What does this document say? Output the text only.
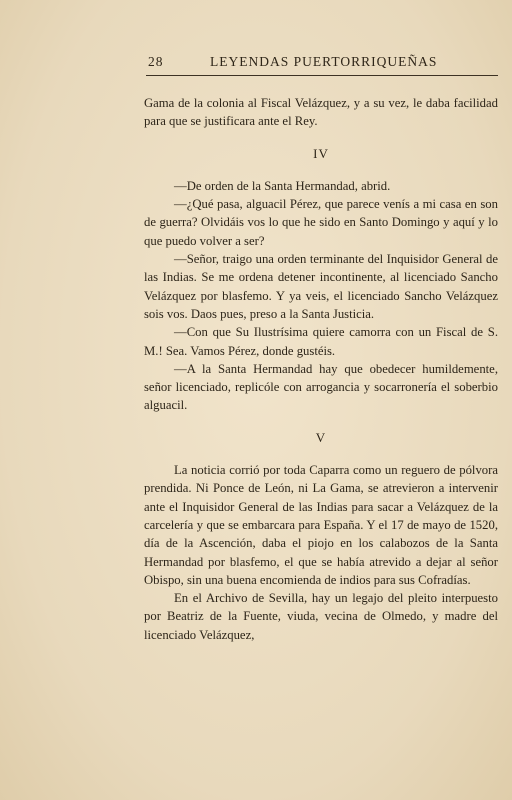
28	LEYENDAS PUERTORRIQUEÑAS

Gama de la colonia al Fiscal Velázquez, y a su vez, le daba facilidad para que se justificara ante el Rey.

IV

—De orden de la Santa Hermandad, abrid.

—¿Qué pasa, alguacil Pérez, que parece venís a mi casa en son de guerra? Olvidáis vos lo que he sido en Santo Domingo y aquí y lo que puedo volver a ser?

—Señor, traigo una orden terminante del Inquisidor General de las Indias. Se me ordena detener incontinente, al licenciado Sancho Velázquez por blasfemo. Y ya veis, el licenciado Sancho Velázquez sois vos. Daos pues, preso a la Santa Justicia.

—Con que Su Ilustrísima quiere camorra con un Fiscal de S. M.! Sea. Vamos Pérez, donde gustéis.

—A la Santa Hermandad hay que obedecer humildemente, señor licenciado, replicóle con arrogancia y socarronería el soberbio alguacil.

V

La noticia corrió por toda Caparra como un reguero de pólvora prendida. Ni Ponce de León, ni La Gama, se atrevieron a intervenir ante el Inquisidor General de las Indias para sacar a Velázquez de la carcelería y que se embarcara para España. Y el 17 de mayo de 1520, día de la Ascención, daba el piojo en los calabozos de la Santa Hermandad por blasfemo, el que se había atrevido a dejar al señor Obispo, sin una buena encomienda de indios para sus Cofradías.

En el Archivo de Sevilla, hay un legajo del pleito interpuesto por Beatriz de la Fuente, viuda, vecina de Olmedo, y madre del licenciado Velázquez,
